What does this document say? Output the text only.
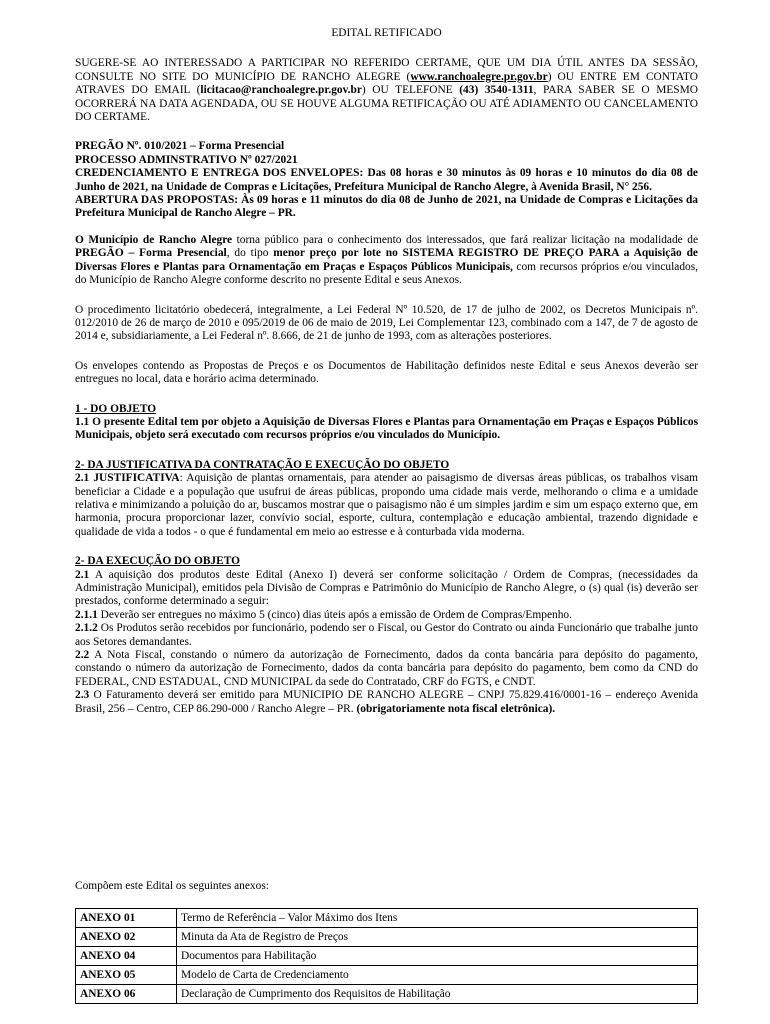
EDITAL RETIFICADO

SUGERE-SE AO INTERESSADO A PARTICIPAR NO REFERIDO CERTAME, QUE UM DIA ÚTIL ANTES DA SESSÃO, CONSULTE NO SITE DO MUNICÍPIO DE RANCHO ALEGRE (www.ranchoalegre.pr.gov.br) OU ENTRE EM CONTATO ATRAVES DO EMAIL (licitacao@ranchoalegre.pr.gov.br) OU TELEFONE (43) 3540-1311, PARA SABER SE O MESMO OCORRERÁ NA DATA AGENDADA, OU SE HOUVE ALGUMA RETIFICAÇÃO OU ATÉ ADIAMENTO OU CANCELAMENTO DO CERTAME.

PREGÃO Nº. 010/2021 – Forma Presencial

PROCESSO ADMINSTRATIVO Nº 027/2021

CREDENCIAMENTO E ENTREGA DOS ENVELOPES: Das 08 horas e 30 minutos às 09 horas e 10 minutos do dia 08 de Junho de 2021, na Unidade de Compras e Licitações, Prefeitura Municipal de Rancho Alegre, à Avenida Brasil, N° 256.

ABERTURA DAS PROPOSTAS: Às 09 horas e 11 minutos do dia 08 de Junho de 2021, na Unidade de Compras e Licitações da Prefeitura Municipal de Rancho Alegre – PR.

O Município de Rancho Alegre torna público para o conhecimento dos interessados, que fará realizar licitação na modalidade de PREGÃO – Forma Presencial, do tipo menor preço por lote no SISTEMA REGISTRO DE PREÇO PARA a Aquisição de Diversas Flores e Plantas para Ornamentação em Praças e Espaços Públicos Municipais, com recursos próprios e/ou vinculados, do Município de Rancho Alegre conforme descrito no presente Edital e seus Anexos.

O procedimento licitatório obedecerá, integralmente, a Lei Federal Nº 10.520, de 17 de julho de 2002, os Decretos Municipais nº. 012/2010 de 26 de março de 2010 e 095/2019 de 06 de maio de 2019, Lei Complementar 123, combinado com a 147, de 7 de agosto de 2014 e, subsidiariamente, a Lei Federal nº. 8.666, de 21 de junho de 1993, com as alterações posteriores.

Os envelopes contendo as Propostas de Preços e os Documentos de Habilitação definidos neste Edital e seus Anexos deverão ser entregues no local, data e horário acima determinado.

1 - DO OBJETO

1.1 O presente Edital tem por objeto a Aquisição de Diversas Flores e Plantas para Ornamentação em Praças e Espaços Públicos Municipais, objeto será executado com recursos próprios e/ou vinculados do Município.

2- DA JUSTIFICATIVA DA CONTRATAÇÃO E EXECUÇÃO DO OBJETO

2.1 JUSTIFICATIVA: Aquisição de plantas ornamentais, para atender ao paisagismo de diversas áreas públicas, os trabalhos visam beneficiar a Cidade e a população que usufrui de áreas públicas, propondo uma cidade mais verde, melhorando o clima e a umidade relativa e minimizando a poluição do ar, buscamos mostrar que o paisagismo não é um simples jardim e sim um espaço externo que, em harmonia, procura proporcionar lazer, convívio social, esporte, cultura, contemplação e educação ambiental, trazendo dignidade e qualidade de vida a todos - o que é fundamental em meio ao estresse e à conturbada vida moderna.

2- DA EXECUÇÃO DO OBJETO

2.1 A aquisição dos produtos deste Edital (Anexo I) deverá ser conforme solicitação / Ordem de Compras, (necessidades da Administração Municipal), emitidos pela Divisão de Compras e Patrimônio do Município de Rancho Alegre, o (s) qual (is) deverão ser prestados, conforme determinado a seguir:

2.1.1 Deverão ser entregues no máximo 5 (cinco) dias úteis após a emissão de Ordem de Compras/Empenho.

2.1.2 Os Produtos serão recebidos por funcionário, podendo ser o Fiscal, ou Gestor do Contrato ou ainda Funcionário que trabalhe junto aos Setores demandantes.

2.2 A Nota Fiscal, constando o número da autorização de Fornecimento, dados da conta bancária para depósito do pagamento, constando o número da autorização de Fornecimento, dados da conta bancária para depósito do pagamento, bem como da CND do FEDERAL, CND ESTADUAL, CND MUNICIPAL da sede do Contratado, CRF do FGTS, e CNDT.

2.3 O Faturamento deverá ser emitido para MUNICIPIO DE RANCHO ALEGRE – CNPJ 75.829.416/0001-16 – endereço Avenida Brasil, 256 – Centro, CEP 86.290-000 / Rancho Alegre – PR. (obrigatoriamente nota fiscal eletrônica).

Compõem este Edital os seguintes anexos:
ANEXO 01	Termo de Referência – Valor Máximo dos Itens
ANEXO 02	Minuta da Ata de Registro de Preços
ANEXO 04	Documentos para Habilitação
ANEXO 05	Modelo de Carta de Credenciamento
ANEXO 06	Declaração de Cumprimento dos Requisitos de Habilitação
